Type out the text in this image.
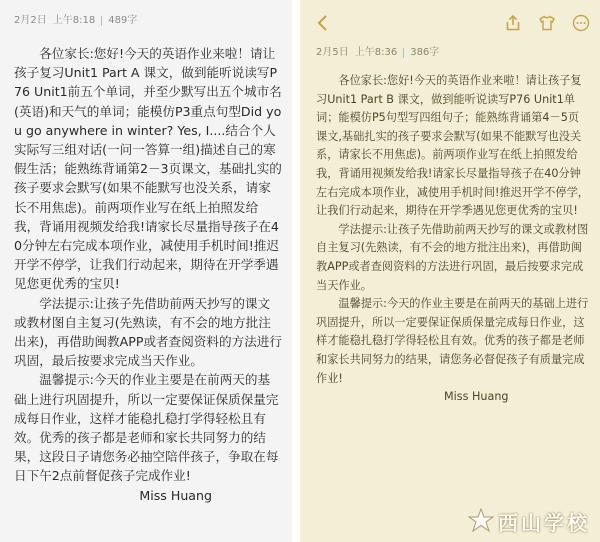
2月2日 上午8:18 489字

各位家长:您好!今天的英语作业来啦！请让孩子复习Unit1 Part A 课文，做到能听说读写P76 Unit1前五个单词，并至少默写出五个城市名(英语)和天气的单词；能模仿P3重点句型Did you go anywhere in winter? Yes, I....结合个人实际写三组对话(一问一答算一组)描述自己的寒假生活；能熟练背诵第2－3页课文，基础扎实的孩子要求会默写(如果不能默写也没关系，请家长不用焦虑)。前两项作业写在纸上拍照发给我，背诵用视频发给我!请家长尽量指导孩子在40分钟左右完成本项作业，减使用手机时间!推迟开学不停学，让我们行动起来，期待在开学季遇见您更优秀的宝贝!

学法提示:让孩子先借助前两天抄写的课文或教材图自主复习(先熟读，有不会的地方批注出来)，再借助闽教APP或者查阅资料的方法进行巩固，最后按要求完成当天作业。

温馨提示:今天的作业主要是在前两天的基础上进行巩固提升，所以一定要保证保质保量完成每日作业，这样才能稳扎稳打学得轻松且有效。优秀的孩子都是老师和家长共同努力的结果，这段日子请您务必抽空陪伴孩子，争取在每日下午2点前督促孩子完成作业!

Miss Huang

2月5日 上午8:36 386字

各位家长:您好!今天的英语作业来啦！请让孩子复习Unit1 Part B 课文，做到能听说读写P76 Unit1单词；能模仿P5句型写四组句子；能熟练背诵第4－5页课文,基础扎实的孩子要求会默写(如果不能默写也没关系，请家长不用焦虑)。前两项作业写在纸上拍照发给我，背诵用视频发给我!请家长尽量指导孩子在40分钟左右完成本项作业，减使用手机时间!推迟开学不停学，让我们行动起来，期待在开学季遇见您更优秀的宝贝!

学法提示:让孩子先借助前两天抄写的课文或教材图自主复习(先熟读，有不会的地方批注出来)，再借助闽教APP或者查阅资料的方法进行巩固，最后按要求完成当天作业。

温馨提示:今天的作业主要是在前两天的基础上进行巩固提升，所以一定要保证保质保量完成每日作业，这样才能稳扎稳打学得轻松且有效。优秀的孩子都是老师和家长共同努力的结果，请您务必督促孩子有质量完成作业!

Miss Huang

西山学校
